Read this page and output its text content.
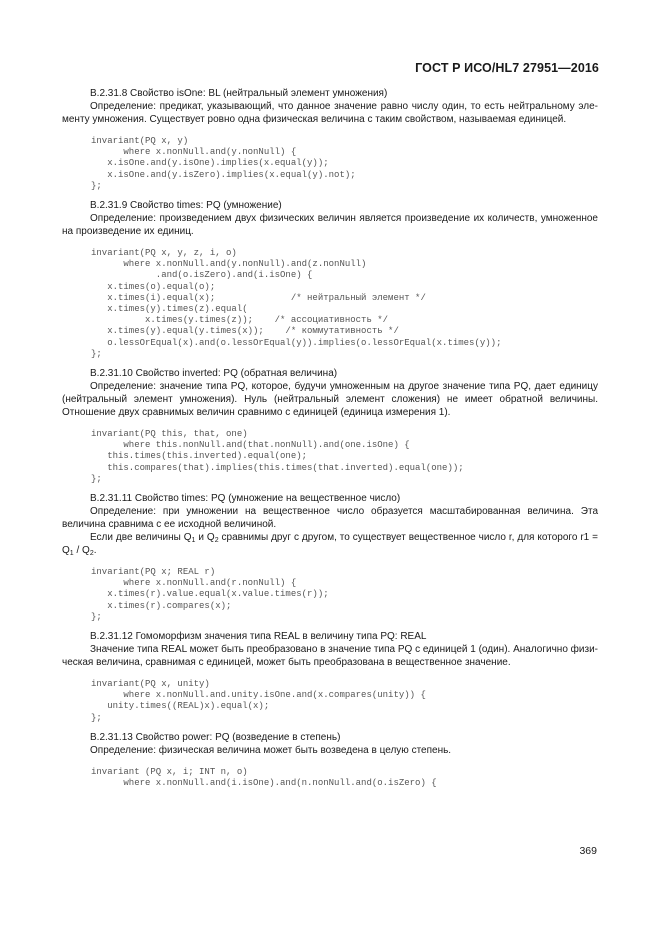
ГОСТ Р ИСО/HL7 27951—2016
B.2.31.8 Свойство isOne: BL (нейтральный элемент умножения)
Определение: предикат, указывающий, что данное значение равно числу один, то есть нейтральному элементу умножения. Существует ровно одна физическая величина с таким свойством, называемая единицей.
invariant(PQ x, y)
where x.nonNull.and(y.nonNull) {
x.isOne.and(y.isOne).implies(x.equal(y));
x.isOne.and(y.isZero).implies(x.equal(y).not);
};
B.2.31.9 Свойство times: PQ (умножение)
Определение: произведением двух физических величин является произведение их количеств, умноженное на произведение их единиц.
invariant(PQ x, y, z, i, o)
where x.nonNull.and(y.nonNull).and(z.nonNull)
.and(o.isZero).and(i.isOne) {
x.times(o).equal(o);
x.times(i).equal(x);              /* нейтральный элемент */
x.times(y).times(z).equal(
x.times(y.times(z));    /* ассоциативность */
x.times(y).equal(y.times(x));    /* коммутативность */
o.lessOrEqual(x).and(o.lessOrEqual(y)).implies(o.lessOrEqual(x.times(y));
};
B.2.31.10 Свойство inverted: PQ (обратная величина)
Определение: значение типа PQ, которое, будучи умноженным на другое значение типа PQ, дает единицу (нейтральный элемент умножения). Нуль (нейтральный элемент сложения) не имеет обратной величины. Отношение двух сравнимых величин сравнимо с единицей (единица измерения 1).
invariant(PQ this, that, one)
where this.nonNull.and(that.nonNull).and(one.isOne) {
this.times(this.inverted).equal(one);
this.compares(that).implies(this.times(that.inverted).equal(one));
};
B.2.31.11 Свойство times: PQ (умножение на вещественное число)
Определение: при умножении на вещественное число образуется масштабированная величина. Эта величина сравнима с ее исходной величиной.
Если две величины $Q_1$ и $Q_2$ сравнимы друг с другом, то существует вещественное число r, для которого $r1 = Q_1 / Q_2$.
invariant(PQ x; REAL r)
where x.nonNull.and(r.nonNull) {
x.times(r).value.equal(x.value.times(r));
x.times(r).compares(x);
};
B.2.31.12 Гомоморфизм значения типа REAL в величину типа PQ: REAL
Значение типа REAL может быть преобразовано в значение типа PQ с единицей 1 (один). Аналогично физическая величина, сравнимая с единицей, может быть преобразована в вещественное значение.
invariant(PQ x, unity)
where x.nonNull.and.unity.isOne.and(x.compares(unity)) {
unity.times((REAL)x).equal(x);
};
B.2.31.13 Свойство power: PQ (возведение в степень)
Определение: физическая величина может быть возведена в целую степень.
invariant (PQ x, i; INT n, o)
where x.nonNull.and(i.isOne).and(n.nonNull.and(o.isZero) {
369
